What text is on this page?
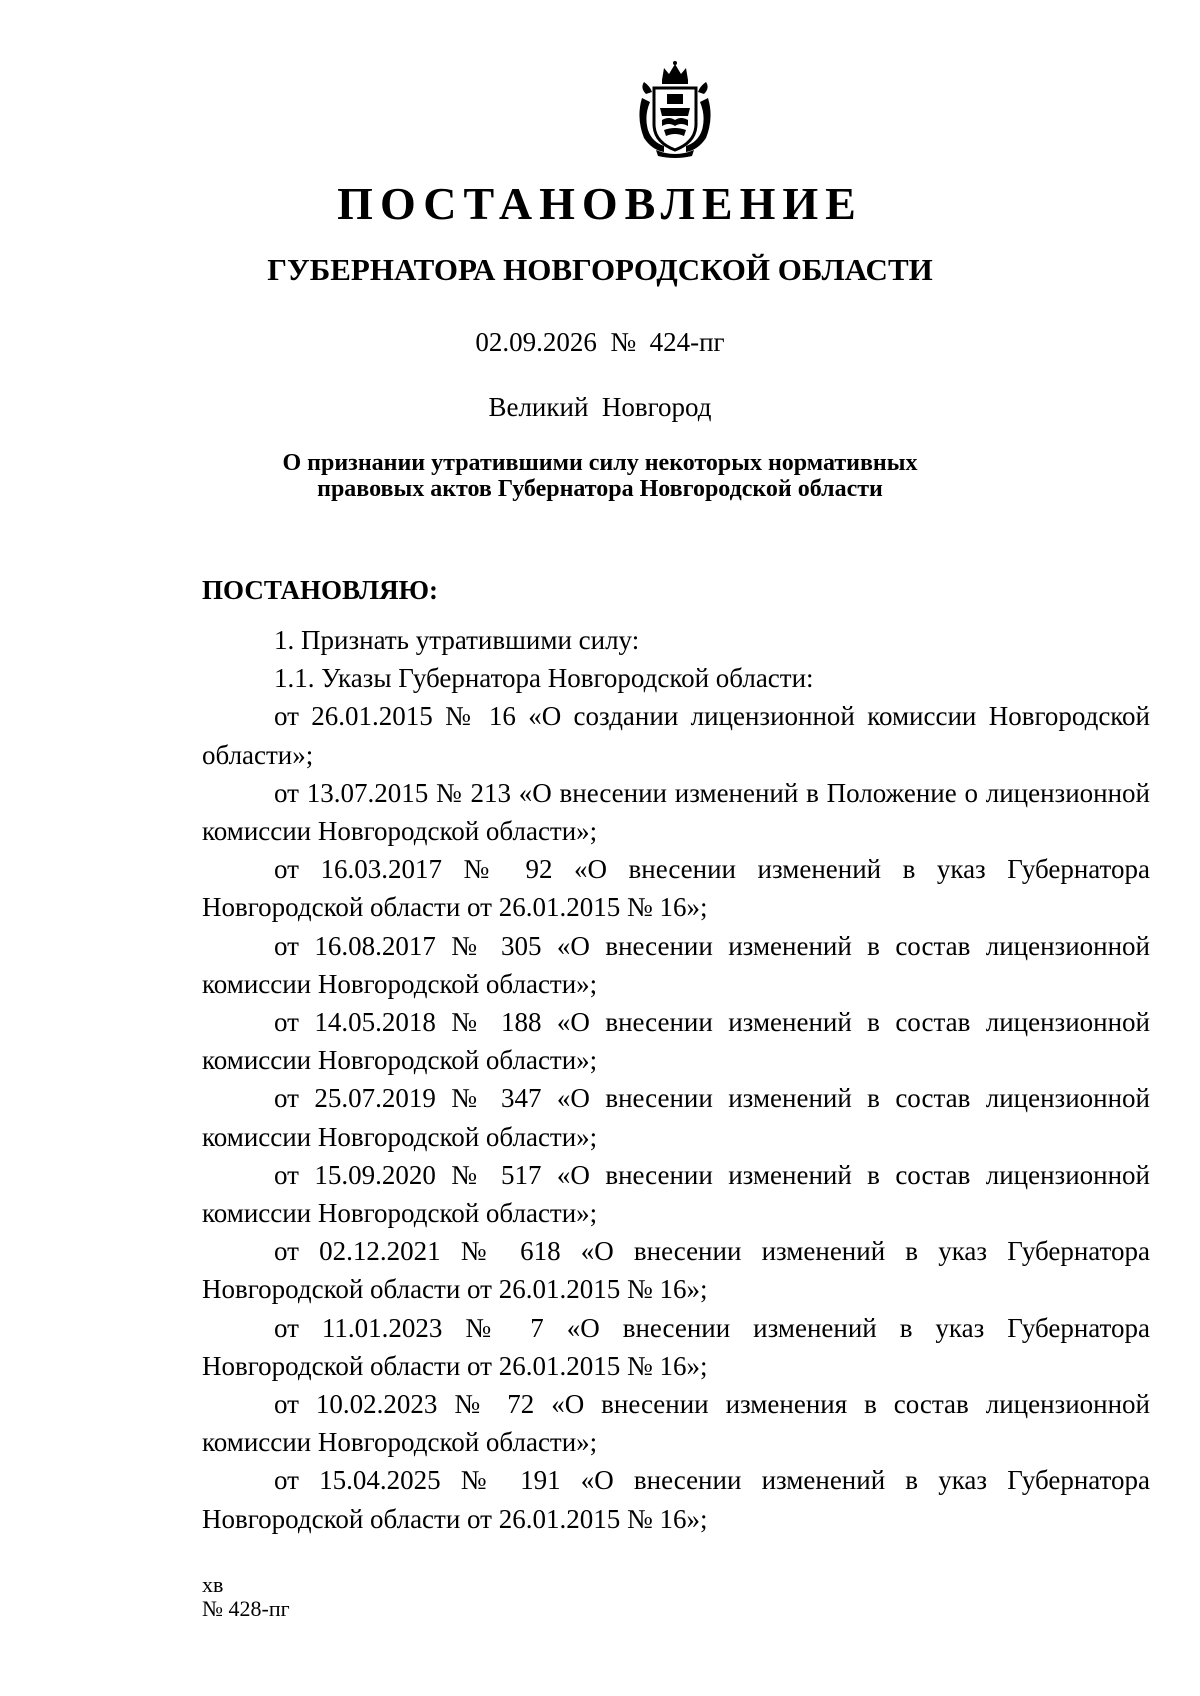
ПОСТАНОВЛЕНИЕ
ГУБЕРНАТОРА НОВГОРОДСКОЙ ОБЛАСТИ
02.09.2026  №  424-пг
Великий  Новгород
О признании утратившими силу некоторых нормативных
правовых актов Губернатора Новгородской области
ПОСТАНОВЛЯЮ:

1. Признать утратившими силу:

1.1. Указы Губернатора Новгородской области:

от 26.01.2015 № 16 «О создании лицензионной комиссии Новгородской области»;

от 13.07.2015 № 213 «О внесении изменений в Положение о лицензионной комиссии Новгородской области»;

от 16.03.2017 № 92 «О внесении изменений в указ Губернатора Новгородской области от 26.01.2015 № 16»;

от 16.08.2017 № 305 «О внесении изменений в состав лицензионной комиссии Новгородской области»;

от 14.05.2018 № 188 «О внесении изменений в состав лицензионной комиссии Новгородской области»;

от 25.07.2019 № 347 «О внесении изменений в состав лицензионной комиссии Новгородской области»;

от 15.09.2020 № 517 «О внесении изменений в состав лицензионной комиссии Новгородской области»;

от 02.12.2021 № 618 «О внесении изменений в указ Губернатора Новгородской области от 26.01.2015 № 16»;

от 11.01.2023 № 7 «О внесении изменений в указ Губернатора Новгородской области от 26.01.2015 № 16»;

от 10.02.2023 № 72 «О внесении изменения в состав лицензионной комиссии Новгородской области»;

от 15.04.2025 № 191 «О внесении изменений в указ Губернатора Новгородской области от 26.01.2015 № 16»;

хв
№ 428-пг
